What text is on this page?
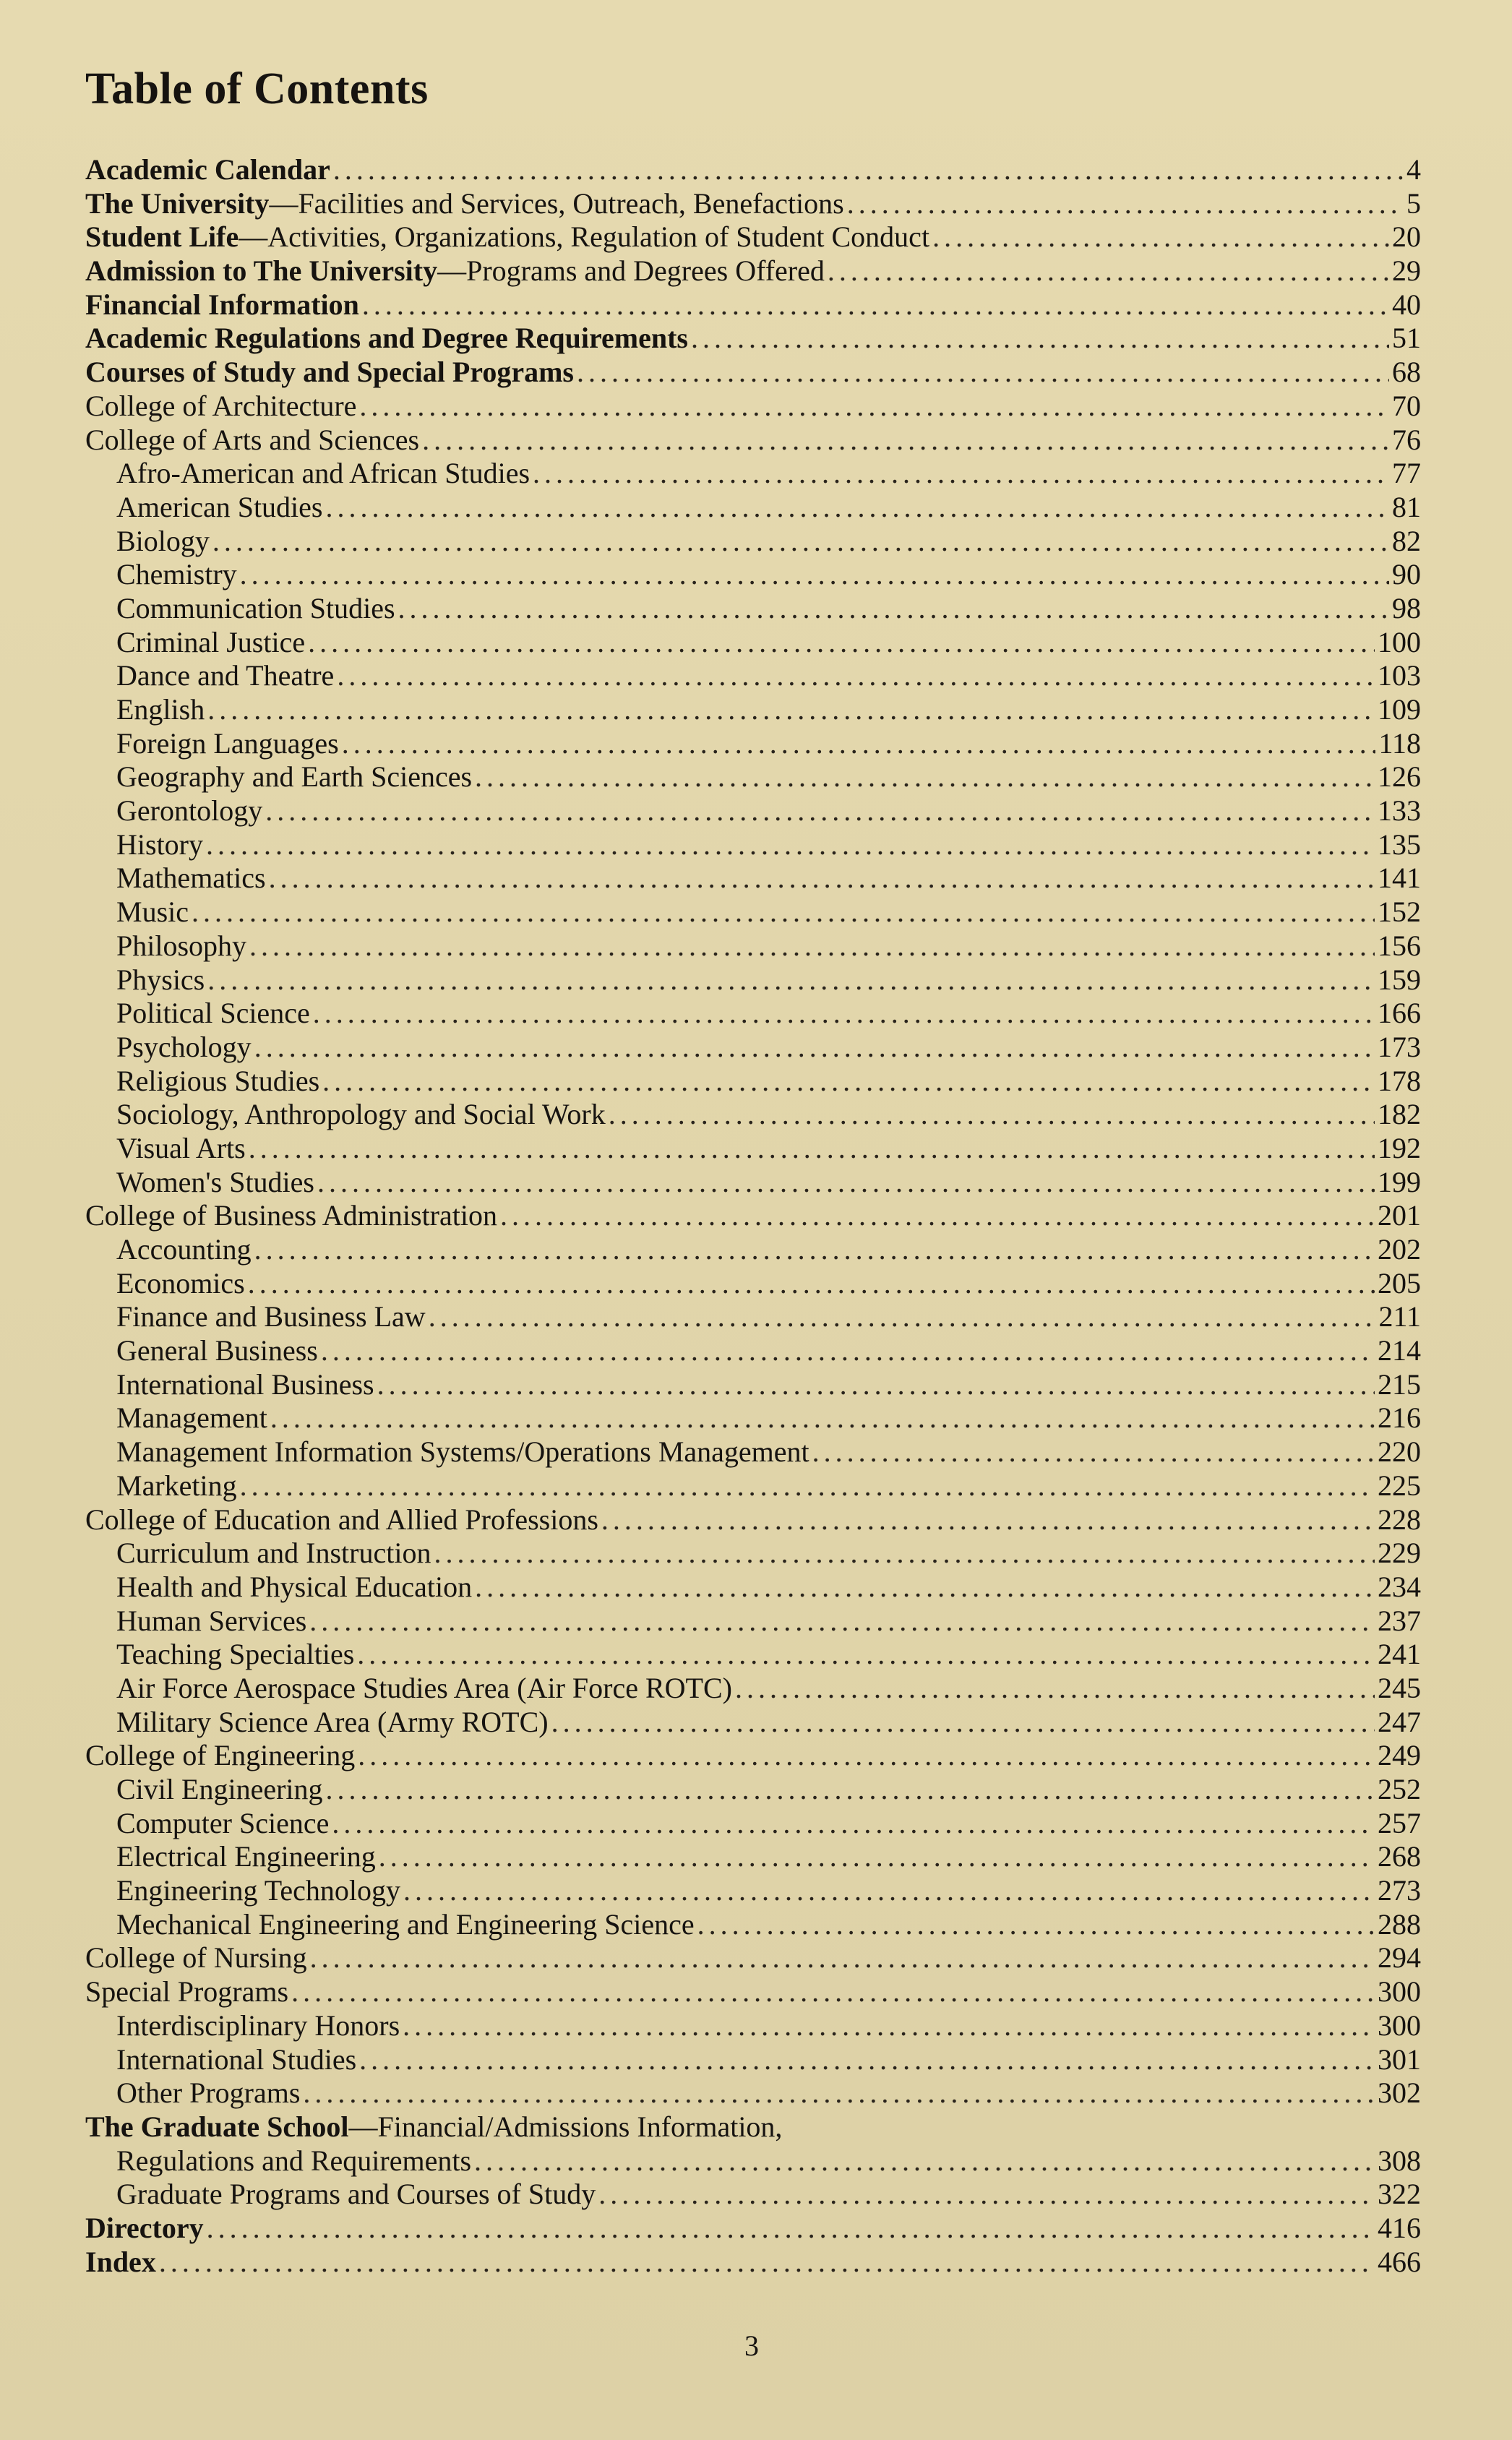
Table of Contents
Academic Calendar .....	4
The University—Facilities and Services, Outreach, Benefactions .....	5
Student Life—Activities, Organizations, Regulation of Student Conduct .....	20
Admission to The University—Programs and Degrees Offered .....	29
Financial Information .....	40
Academic Regulations and Degree Requirements .....	51
Courses of Study and Special Programs .....	68
College of Architecture .....	70
College of Arts and Sciences .....	76
Afro-American and African Studies .....	77
American Studies .....	81
Biology .....	82
Chemistry .....	90
Communication Studies .....	98
Criminal Justice .....	100
Dance and Theatre .....	103
English .....	109
Foreign Languages .....	118
Geography and Earth Sciences .....	126
Gerontology .....	133
History .....	135
Mathematics .....	141
Music .....	152
Philosophy .....	156
Physics .....	159
Political Science .....	166
Psychology .....	173
Religious Studies .....	178
Sociology, Anthropology and Social Work .....	182
Visual Arts .....	192
Women's Studies .....	199
College of Business Administration .....	201
Accounting .....	202
Economics .....	205
Finance and Business Law .....	211
General Business .....	214
International Business .....	215
Management .....	216
Management Information Systems/Operations Management .....	220
Marketing .....	225
College of Education and Allied Professions .....	228
Curriculum and Instruction .....	229
Health and Physical Education .....	234
Human Services .....	237
Teaching Specialties .....	241
Air Force Aerospace Studies Area (Air Force ROTC) .....	245
Military Science Area (Army ROTC) .....	247
College of Engineering .....	249
Civil Engineering .....	252
Computer Science .....	257
Electrical Engineering .....	268
Engineering Technology .....	273
Mechanical Engineering and Engineering Science .....	288
College of Nursing .....	294
Special Programs .....	300
Interdisciplinary Honors .....	300
International Studies .....	301
Other Programs .....	302
The Graduate School—Financial/Admissions Information,
Regulations and Requirements .....	308
Graduate Programs and Courses of Study .....	322
Directory .....	416
Index .....	466
3
